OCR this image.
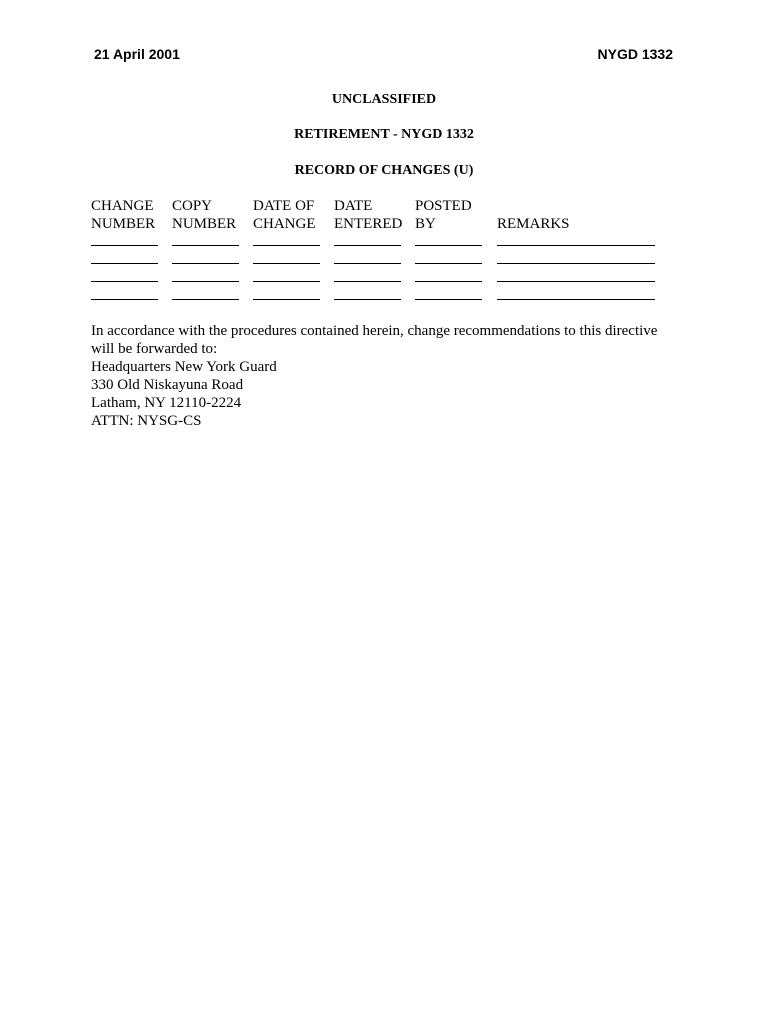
21 April 2001	NYGD 1332
UNCLASSIFIED
RETIREMENT - NYGD 1332
RECORD OF CHANGES (U)
CHANGE
NUMBER
COPY
NUMBER
DATE OF
CHANGE
DATE
ENTERED
POSTED
BY	REMARKS
In accordance with the procedures contained herein, change recommendations to this directive
will be forwarded to:
Headquarters New York Guard
330 Old Niskayuna Road
Latham, NY 12110-2224
ATTN: NYSG-CS
